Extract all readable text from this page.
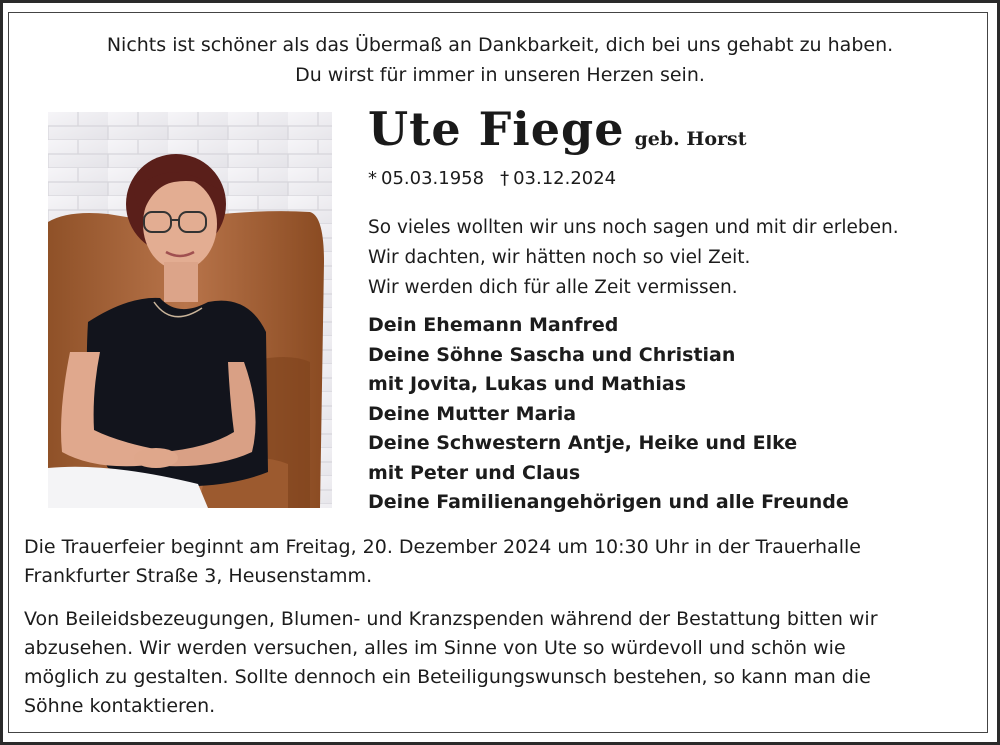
Nichts ist schöner als das Übermaß an Dankbarkeit, dich bei uns gehabt zu haben.
Du wirst für immer in unseren Herzen sein.
Ute Fiege geb. Horst
* 05.03.1958 † 03.12.2024
So vieles wollten wir uns noch sagen und mit dir erleben.
Wir dachten, wir hätten noch so viel Zeit.
Wir werden dich für alle Zeit vermissen.
Dein Ehemann Manfred
Deine Söhne Sascha und Christian
mit Jovita, Lukas und Mathias
Deine Mutter Maria
Deine Schwestern Antje, Heike und Elke
mit Peter und Claus
Deine Familienangehörigen und alle Freunde
Die Trauerfeier beginnt am Freitag, 20. Dezember 2024 um 10:30 Uhr in der Trauerhalle
Frankfurter Straße 3, Heusenstamm.
Von Beileidsbezeugungen, Blumen- und Kranzspenden während der Bestattung bitten wir
abzusehen. Wir werden versuchen, alles im Sinne von Ute so würdevoll und schön wie
möglich zu gestalten. Sollte dennoch ein Beteiligungswunsch bestehen, so kann man die
Söhne kontaktieren.
